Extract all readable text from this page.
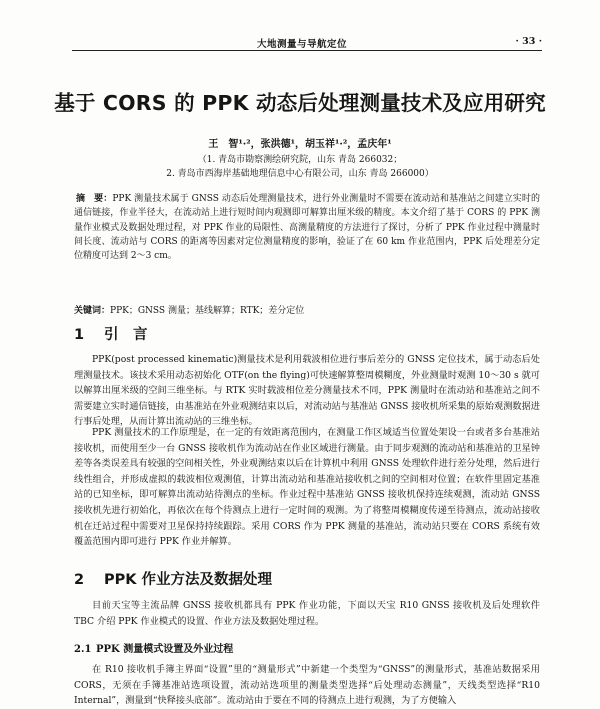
大地测量与导航定位	· 33 ·
基于 CORS 的 PPK 动态后处理测量技术及应用研究
王　智¹·²，张洪德¹，胡玉祥¹·²，孟庆年¹
（1. 青岛市勘察测绘研究院，山东 青岛 266032；
2. 青岛市西海岸基础地理信息中心有限公司，山东 青岛 266000）
摘　要：PPK 测量技术属于 GNSS 动态后处理测量技术，进行外业测量时不需要在流动站和基准站之间建立实时的通信链接，作业半径大，在流动站上进行短时间内观测即可解算出厘米级的精度。本文介绍了基于 CORS 的 PPK 测量作业模式及数据处理过程，对 PPK 作业的局限性、高测量精度的方法进行了探讨，分析了 PPK 作业过程中测量时间长度、流动站与 CORS 的距离等因素对定位测量精度的影响，验证了在 60 km 作业范围内，PPK 后处理差分定位精度可达到 2～3 cm。
关键词：PPK；GNSS 测量；基线解算；RTK；差分定位
1 引　言
PPK(post processed kinematic)测量技术是利用载波相位进行事后差分的 GNSS 定位技术，属于动态后处理测量技术。该技术采用动态初始化 OTF(on the flying)可快速解算整周模糊度，外业测量时观测 10～30 s 就可以解算出厘米级的空间三维坐标。与 RTK 实时载波相位差分测量技术不同，PPK 测量时在流动站和基准站之间不需要建立实时通信链接，由基准站在外业观测结束以后，对流动站与基准站 GNSS 接收机所采集的原始观测数据进行事后处理，从而计算出流动站的三维坐标。
PPK 测量技术的工作原理是，在一定的有效距离范围内，在测量工作区域适当位置处架设一台或者多台基准站接收机，而使用至少一台 GNSS 接收机作为流动站在作业区域进行测量。由于同步观测的流动站和基准站的卫星钟差等各类误差具有较强的空间相关性，外业观测结束以后在计算机中利用 GNSS 处理软件进行差分处理，然后进行线性组合，并形成虚拟的载波相位观测值，计算出流动站和基准站接收机之间的空间相对位置；在软件里固定基准站的已知坐标，即可解算出流动站待测点的坐标。作业过程中基准站 GNSS 接收机保持连续观测，流动站 GNSS 接收机先进行初始化，再依次在每个待测点上进行一定时间的观测。为了将整周模糊度传递至待测点，流动站接收机在迁站过程中需要对卫星保持持续跟踪。采用 CORS 作为 PPK 测量的基准站，流动站只要在 CORS 系统有效覆盖范围内即可进行 PPK 作业并解算。
2 PPK 作业方法及数据处理
目前天宝等主流品牌 GNSS 接收机都具有 PPK 作业功能，下面以天宝 R10 GNSS 接收机及后处理软件 TBC 介绍 PPK 作业模式的设置、作业方法及数据处理过程。
2.1 PPK 测量模式设置及外业过程
在 R10 接收机手簿主界面“设置”里的“测量形式”中新建一个类型为“GNSS”的测量形式，基准站数据采用 CORS，无须在手簿基准站选项设置，流动站选项里的测量类型选择“后处理动态测量”，天线类型选择“R10 Internal”，测量到“快释接头底部”。流动站由于要在不同的待测点上进行观测，为了方便输入
